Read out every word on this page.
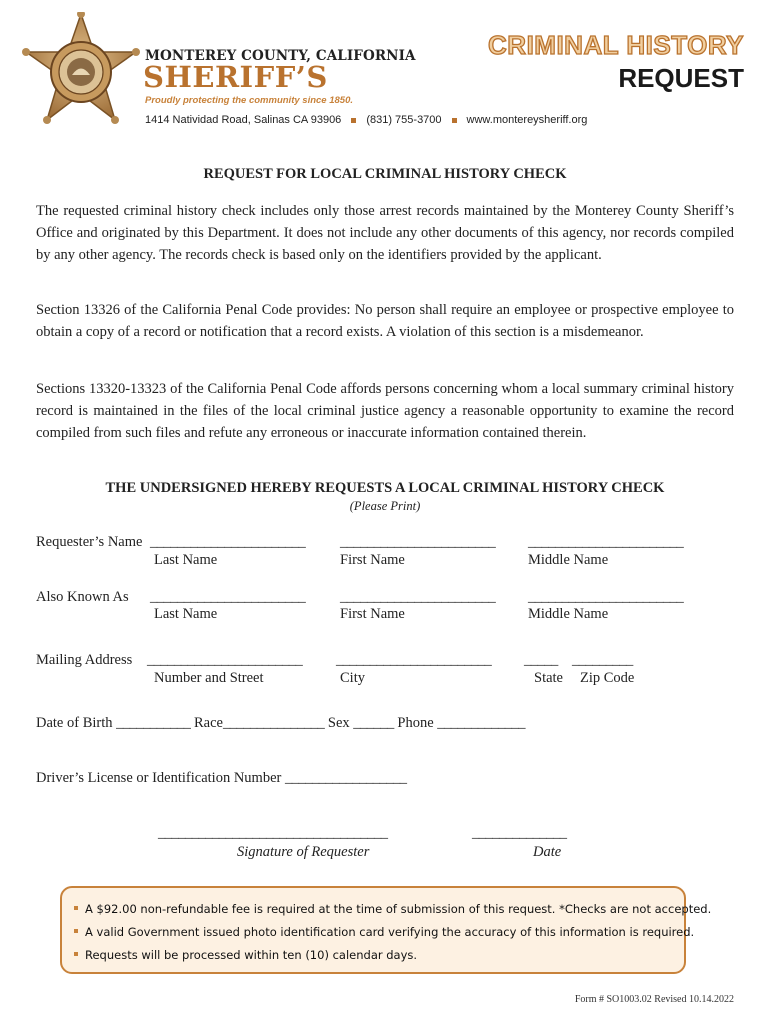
MONTEREY COUNTY, CALIFORNIA
SHERIFF’S
Proudly protecting the community since 1850.
1414 Natividad Road, Salinas CA 93906 (831) 755-3700 www.montereysheriff.org
CRIMINAL HISTORY
REQUEST
REQUEST FOR LOCAL CRIMINAL HISTORY CHECK

The requested criminal history check includes only those arrest records maintained by the Monterey County Sheriff’s Office and originated by this Department. It does not include any other documents of this agency, nor records compiled by any other agency. The records check is based only on the identifiers provided by the applicant.

Section 13326 of the California Penal Code provides: No person shall require an employee or prospective employee to obtain a copy of a record or notification that a record exists. A violation of this section is a misdemeanor.

Sections 13320-13323 of the California Penal Code affords persons concerning whom a local summary criminal history record is maintained in the files of the local criminal justice agency a reasonable opportunity to examine the record compiled from such files and refute any erroneous or inaccurate information contained therein.

THE UNDERSIGNED HEREBY REQUESTS A LOCAL CRIMINAL HISTORY CHECK
(Please Print)
Requester’s Name _______________________ _______________________ _______________________
Last Name	First Name	Middle Name
Also Known As _______________________ _______________________ _______________________
Last Name	First Name	Middle Name
Mailing Address _______________________ _______________________ _____ _________
Number and Street	City	State Zip Code
Date of Birth ___________ Race_______________ Sex ______ Phone _____________
Driver’s License or Identification Number __________________
__________________________________	______________
Signature of Requester	Date
A $92.00 non-refundable fee is required at the time of submission of this request. *Checks are not accepted.
A valid Government issued photo identification card verifying the accuracy of this information is required.
Requests will be processed within ten (10) calendar days.
Form # SO1003.02 Revised 10.14.2022
